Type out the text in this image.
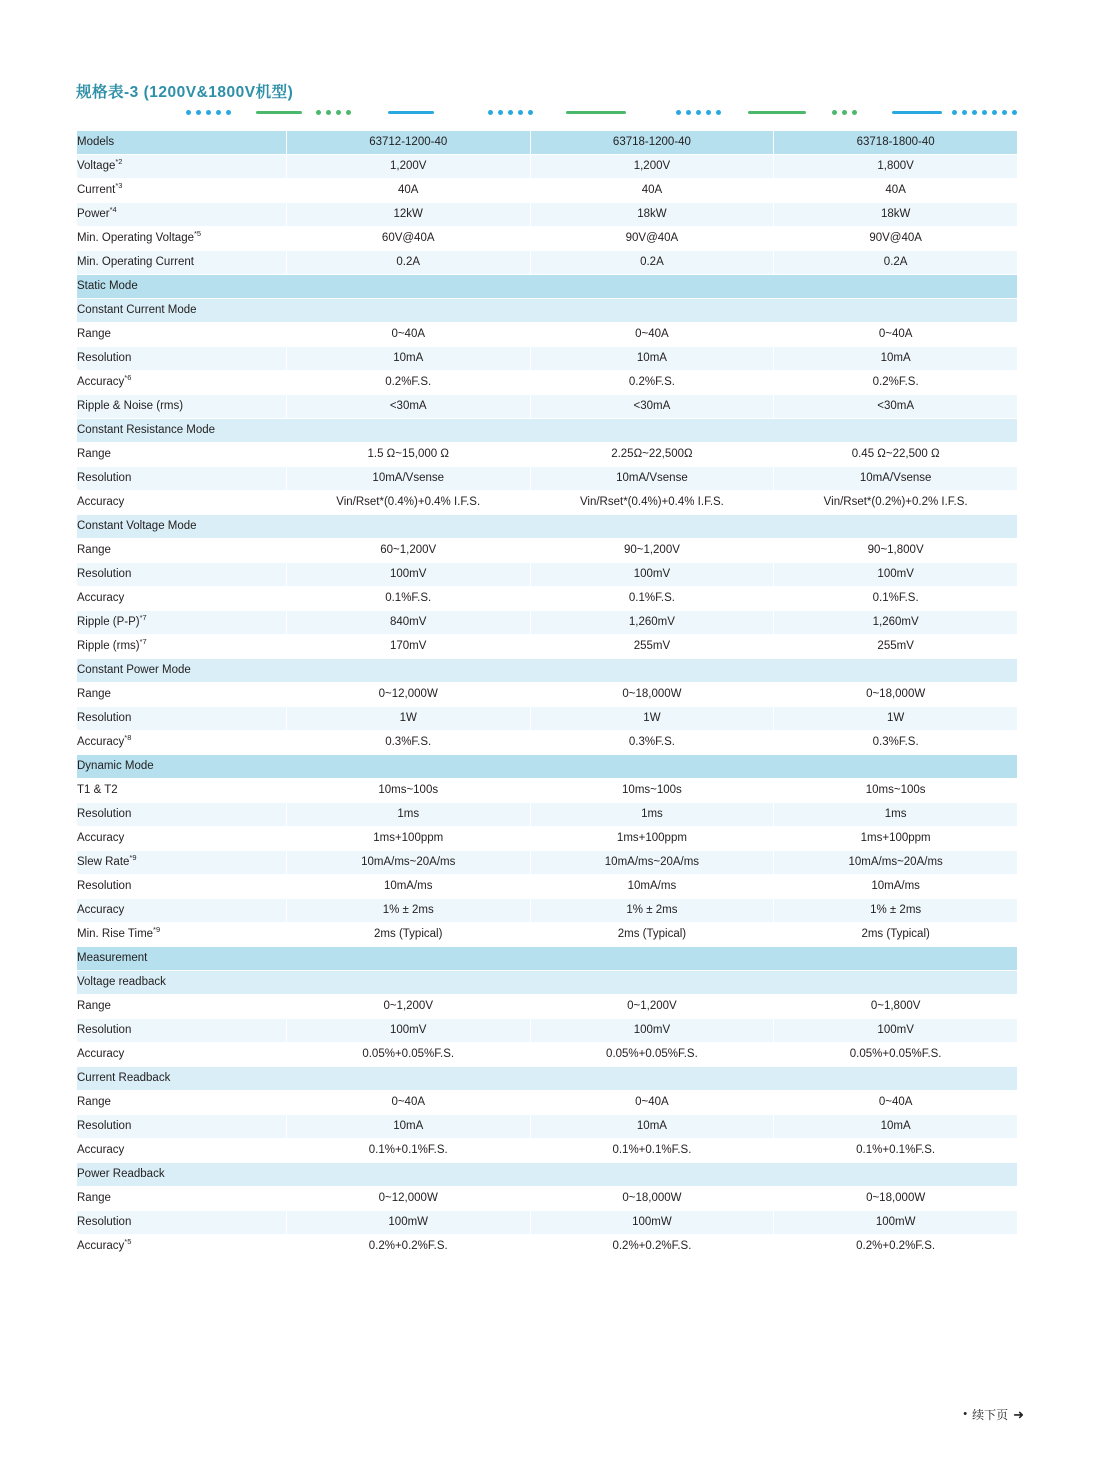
规格表-3 (1200V&1800V机型)
Models	63712-1200-40	63718-1200-40	63718-1800-40
Voltage$^{*2}$	1,200V	1,200V	1,800V
Current$^{*3}$	40A	40A	40A
Power$^{*4}$	12kW	18kW	18kW
Min. Operating Voltage$^{*5}$	60V@40A	90V@40A	90V@40A
Min. Operating Current	0.2A	0.2A	0.2A
Static Mode			
Constant Current Mode			
Range	0~40A	0~40A	0~40A
Resolution	10mA	10mA	10mA
Accuracy$^{*6}$	0.2%F.S.	0.2%F.S.	0.2%F.S.
Ripple & Noise (rms)	<30mA	<30mA	<30mA
Constant Resistance Mode			
Range	1.5 Ω~15,000 Ω	2.25Ω~22,500Ω	0.45 Ω~22,500 Ω
Resolution	10mA/Vsense	10mA/Vsense	10mA/Vsense
Accuracy	Vin/Rset*(0.4%)+0.4% I.F.S.	Vin/Rset*(0.4%)+0.4% I.F.S.	Vin/Rset*(0.2%)+0.2% I.F.S.
Constant Voltage Mode			
Range	60~1,200V	90~1,200V	90~1,800V
Resolution	100mV	100mV	100mV
Accuracy	0.1%F.S.	0.1%F.S.	0.1%F.S.
Ripple $(P-P)^{*7}$	840mV	1,260mV	1,260mV
Ripple (rms)$^{*7}$	170mV	255mV	255mV
Constant Power Mode			
Range	0~12,000W	0~18,000W	0~18,000W
Resolution	1W	1W	1W
Accuracy$^{*8}$	0.3%F.S.	0.3%F.S.	0.3%F.S.
Dynamic Mode			
T1 & T2	10ms~100s	10ms~100s	10ms~100s
Resolution	1ms	1ms	1ms
Accuracy	1ms+100ppm	1ms+100ppm	1ms+100ppm
Slew Rate$^{*9}$	10mA/ms~20A/ms	10mA/ms~20A/ms	10mA/ms~20A/ms
Resolution	10mA/ms	10mA/ms	10mA/ms
Accuracy	1% ± 2ms	1% ± 2ms	1% ± 2ms
Min. Rise Time$^{*9}$	2ms (Typical)	2ms (Typical)	2ms (Typical)
Measurement			
Voltage readback			
Range	0~1,200V	0~1,200V	0~1,800V
Resolution	100mV	100mV	100mV
Accuracy	0.05%+0.05%F.S.	0.05%+0.05%F.S.	0.05%+0.05%F.S.
Current Readback			
Range	0~40A	0~40A	0~40A
Resolution	10mA	10mA	10mA
Accuracy	0.1%+0.1%F.S.	0.1%+0.1%F.S.	0.1%+0.1%F.S.
Power Readback			
Range	0~12,000W	0~18,000W	0~18,000W
Resolution	100mW	100mW	100mW
Accuracy$^{*5}$	0.2%+0.2%F.S.	0.2%+0.2%F.S.	0.2%+0.2%F.S.
• 续下页 ➜
